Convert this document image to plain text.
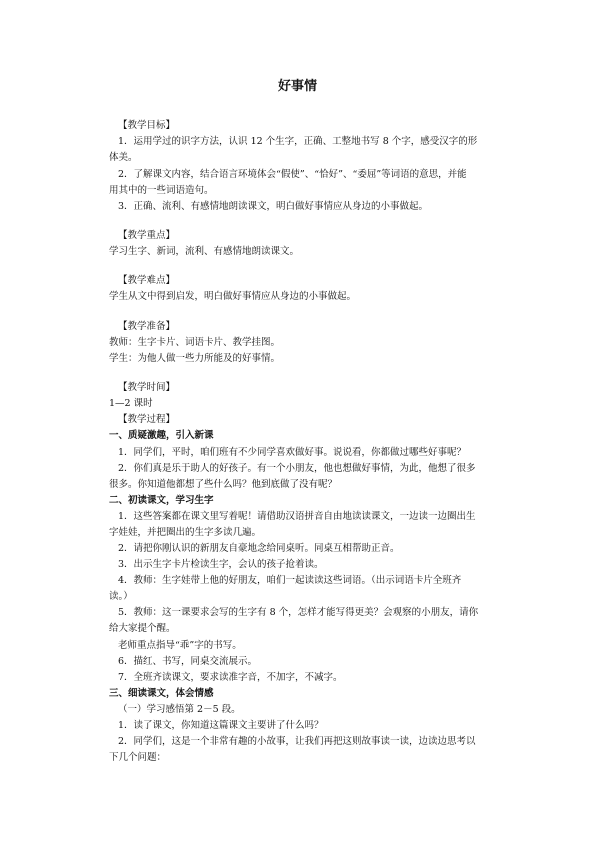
好事情
【教学目标】
1．运用学过的识字方法，认识 12 个生字，正确、工整地书写 8 个字，感受汉字的形
体美。
2．了解课文内容，结合语言环境体会“假使”、“恰好”、“委屈”等词语的意思，并能
用其中的一些词语造句。
3．正确、流利、有感情地朗读课文，明白做好事情应从身边的小事做起。
【教学重点】
学习生字、新词，流利、有感情地朗读课文。
【教学难点】
学生从文中得到启发，明白做好事情应从身边的小事做起。
【教学准备】
教师：生字卡片、词语卡片、教学挂图。
学生：为他人做一些力所能及的好事情。
【教学时间】
1—2 课时
【教学过程】
一、质疑激趣，引入新课
1．同学们，平时，咱们班有不少同学喜欢做好事。说说看，你都做过哪些好事呢？
2．你们真是乐于助人的好孩子。有一个小朋友，他也想做好事情，为此，他想了很多
很多。你知道他都想了些什么吗？他到底做了没有呢？
二、初读课文，学习生字
1．这些答案都在课文里写着呢！请借助汉语拼音自由地读读课文，一边读一边圈出生
字娃娃，并把圈出的生字多读几遍。
2．请把你刚认识的新朋友自豪地念给同桌听。同桌互相帮助正音。
3．出示生字卡片检读生字，会认的孩子抢着读。
4．教师：生字娃带上他的好朋友，咱们一起读读这些词语。（出示词语卡片全班齐
读。）
5．教师：这一课要求会写的生字有 8 个，怎样才能写得更美？会观察的小朋友，请你
给大家提个醒。
老师重点指导“乖”字的书写。
6．描红、书写，同桌交流展示。
7．全班齐读课文，要求读准字音，不加字，不减字。
三、细读课文，体会情感
（一）学习感悟第 2－5 段。
1．读了课文，你知道这篇课文主要讲了什么吗？
2．同学们，这是一个非常有趣的小故事，让我们再把这则故事读一读，边读边思考以
下几个问题：
